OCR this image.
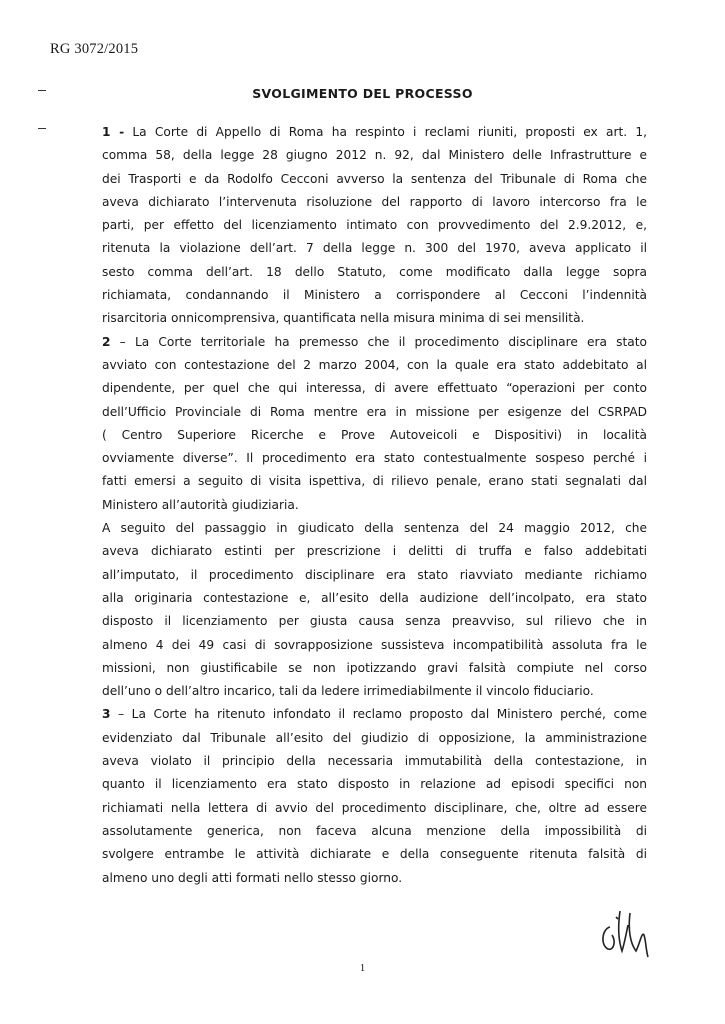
RG 3072/2015
SVOLGIMENTO DEL PROCESSO
1 - La Corte di Appello di Roma ha respinto i reclami riuniti, proposti ex art. 1,
comma 58, della legge 28 giugno 2012 n. 92, dal Ministero delle Infrastrutture e
dei Trasporti e da Rodolfo Cecconi avverso la sentenza del Tribunale di Roma che
aveva dichiarato l’intervenuta risoluzione del rapporto di lavoro intercorso fra le
parti, per effetto del licenziamento intimato con provvedimento del 2.9.2012, e,
ritenuta la violazione dell’art. 7 della legge n. 300 del 1970, aveva applicato il
sesto comma dell’art. 18 dello Statuto, come modificato dalla legge sopra
richiamata, condannando il Ministero a corrispondere al Cecconi l’indennità
risarcitoria onnicomprensiva, quantificata nella misura minima di sei mensilità.
2 – La Corte territoriale ha premesso che il procedimento disciplinare era stato
avviato con contestazione del 2 marzo 2004, con la quale era stato addebitato al
dipendente, per quel che qui interessa, di avere effettuato “operazioni per conto
dell’Ufficio Provinciale di Roma mentre era in missione per esigenze del CSRPAD
( Centro Superiore Ricerche e Prove Autoveicoli e Dispositivi) in località
ovviamente diverse”. Il procedimento era stato contestualmente sospeso perché i
fatti emersi a seguito di visita ispettiva, di rilievo penale, erano stati segnalati dal
Ministero all’autorità giudiziaria.
A seguito del passaggio in giudicato della sentenza del 24 maggio 2012, che
aveva dichiarato estinti per prescrizione i delitti di truffa e falso addebitati
all’imputato, il procedimento disciplinare era stato riavviato mediante richiamo
alla originaria contestazione e, all’esito della audizione dell’incolpato, era stato
disposto il licenziamento per giusta causa senza preavviso, sul rilievo che in
almeno 4 dei 49 casi di sovrapposizione sussisteva incompatibilità assoluta fra le
missioni, non giustificabile se non ipotizzando gravi falsità compiute nel corso
dell’uno o dell’altro incarico, tali da ledere irrimediabilmente il vincolo fiduciario.
3 – La Corte ha ritenuto infondato il reclamo proposto dal Ministero perché, come
evidenziato dal Tribunale all’esito del giudizio di opposizione, la amministrazione
aveva violato il principio della necessaria immutabilità della contestazione, in
quanto il licenziamento era stato disposto in relazione ad episodi specifici non
richiamati nella lettera di avvio del procedimento disciplinare, che, oltre ad essere
assolutamente generica, non faceva alcuna menzione della impossibilità di
svolgere entrambe le attività dichiarate e della conseguente ritenuta falsità di
almeno uno degli atti formati nello stesso giorno.
1
